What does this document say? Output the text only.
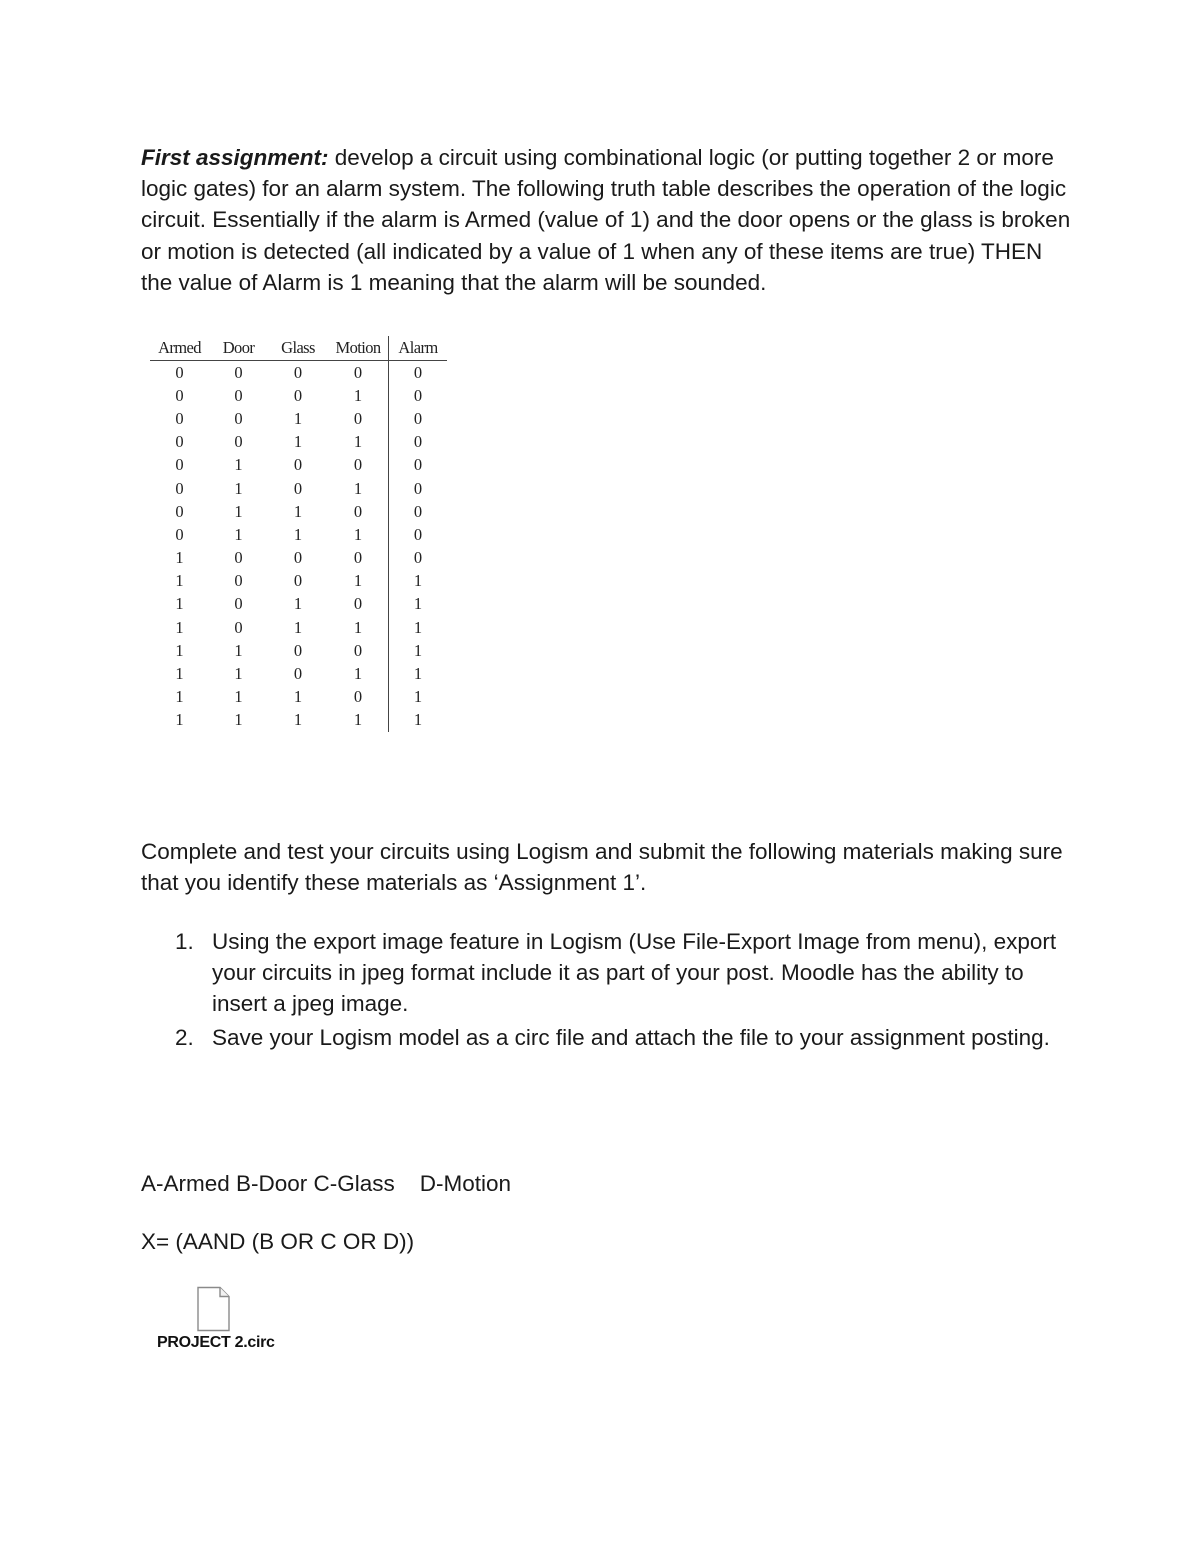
First assignment: develop a circuit using combinational logic (or putting together 2 or more logic gates) for an alarm system. The following truth table describes the operation of the logic circuit. Essentially if the alarm is Armed (value of 1) and the door opens or the glass is broken or motion is detected (all indicated by a value of 1 when any of these items are true) THEN the value of Alarm is 1 meaning that the alarm will be sounded.

Armed	Door	Glass	Motion	Alarm
0	0	0	0	0
0	0	0	1	0
0	0	1	0	0
0	0	1	1	0
0	1	0	0	0
0	1	0	1	0
0	1	1	0	0
0	1	1	1	0
1	0	0	0	0
1	0	0	1	1
1	0	1	0	1
1	0	1	1	1
1	1	0	0	1
1	1	0	1	1
1	1	1	0	1
1	1	1	1	1

Complete and test your circuits using Logism and submit the following materials making sure that you identify these materials as ‘Assignment 1’.

1. Using the export image feature in Logism (Use File-Export Image from menu), export your circuits in jpeg format include it as part of your post. Moodle has the ability to insert a jpeg image.
2. Save your Logism model as a circ file and attach the file to your assignment posting.

A-Armed B-Door C-Glass    D-Motion

X= (AAND (B OR C OR D))

PROJECT 2.circ
